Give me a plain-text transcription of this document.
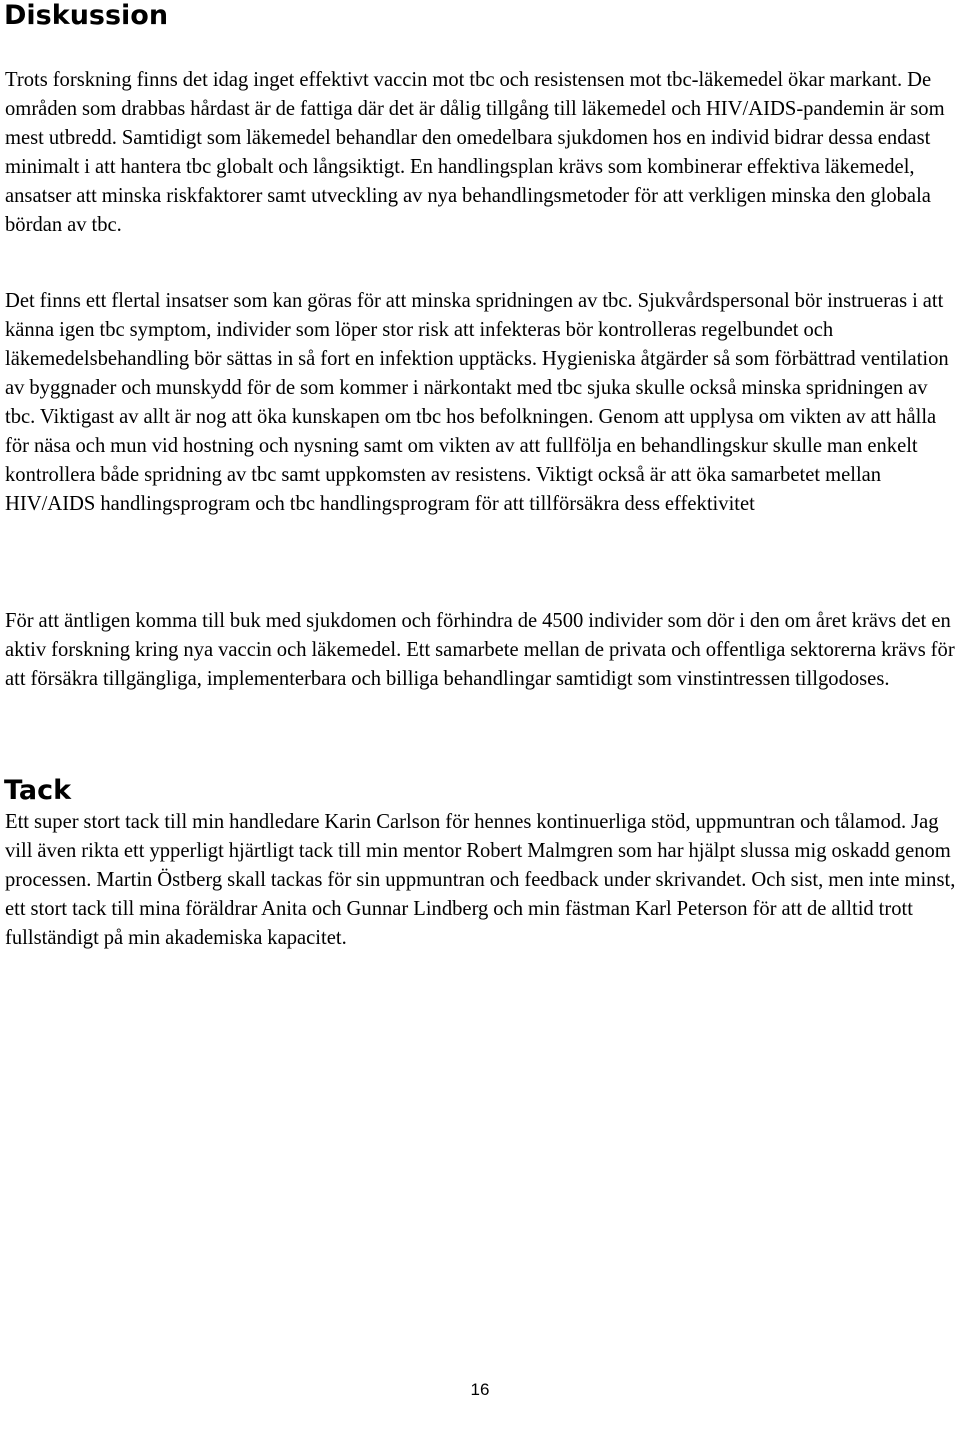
Diskussion

Trots forskning finns det idag inget effektivt vaccin mot tbc och resistensen mot tbc-läkemedel ökar markant. De områden som drabbas hårdast är de fattiga där det är dålig tillgång till läkemedel och HIV/AIDS-pandemin är som mest utbredd. Samtidigt som läkemedel behandlar den omedelbara sjukdomen hos en individ bidrar dessa endast minimalt i att hantera tbc globalt och långsiktigt. En handlingsplan krävs som kombinerar effektiva läkemedel, ansatser att minska riskfaktorer samt utveckling av nya behandlingsmetoder för att verkligen minska den globala bördan av tbc.

Det finns ett flertal insatser som kan göras för att minska spridningen av tbc. Sjukvårdspersonal bör instrueras i att känna igen tbc symptom, individer som löper stor risk att infekteras bör kontrolleras regelbundet och läkemedelsbehandling bör sättas in så fort en infektion upptäcks. Hygieniska åtgärder så som förbättrad ventilation av byggnader och munskydd för de som kommer i närkontakt med tbc sjuka skulle också minska spridningen av tbc. Viktigast av allt är nog att öka kunskapen om tbc hos befolkningen. Genom att upplysa om vikten av att hålla för näsa och mun vid hostning och nysning samt om vikten av att fullfölja en behandlingskur skulle man enkelt kontrollera både spridning av tbc samt uppkomsten av resistens. Viktigt också är att öka samarbetet mellan HIV/AIDS handlingsprogram och tbc handlingsprogram för att tillförsäkra dess effektivitet

För att äntligen komma till buk med sjukdomen och förhindra de 4500 individer som dör i den om året krävs det en aktiv forskning kring nya vaccin och läkemedel. Ett samarbete mellan de privata och offentliga sektorerna krävs för att försäkra tillgängliga, implementerbara och billiga behandlingar samtidigt som vinstintressen tillgodoses.

Tack

Ett super stort tack till min handledare Karin Carlson för hennes kontinuerliga stöd, uppmuntran och tålamod. Jag vill även rikta ett ypperligt hjärtligt tack till min mentor Robert Malmgren som har hjälpt slussa mig oskadd genom processen. Martin Östberg skall tackas för sin uppmuntran och feedback under skrivandet. Och sist, men inte minst, ett stort tack till mina föräldrar Anita och Gunnar Lindberg och min fästman Karl Peterson för att de alltid trott fullständigt på min akademiska kapacitet.

16
